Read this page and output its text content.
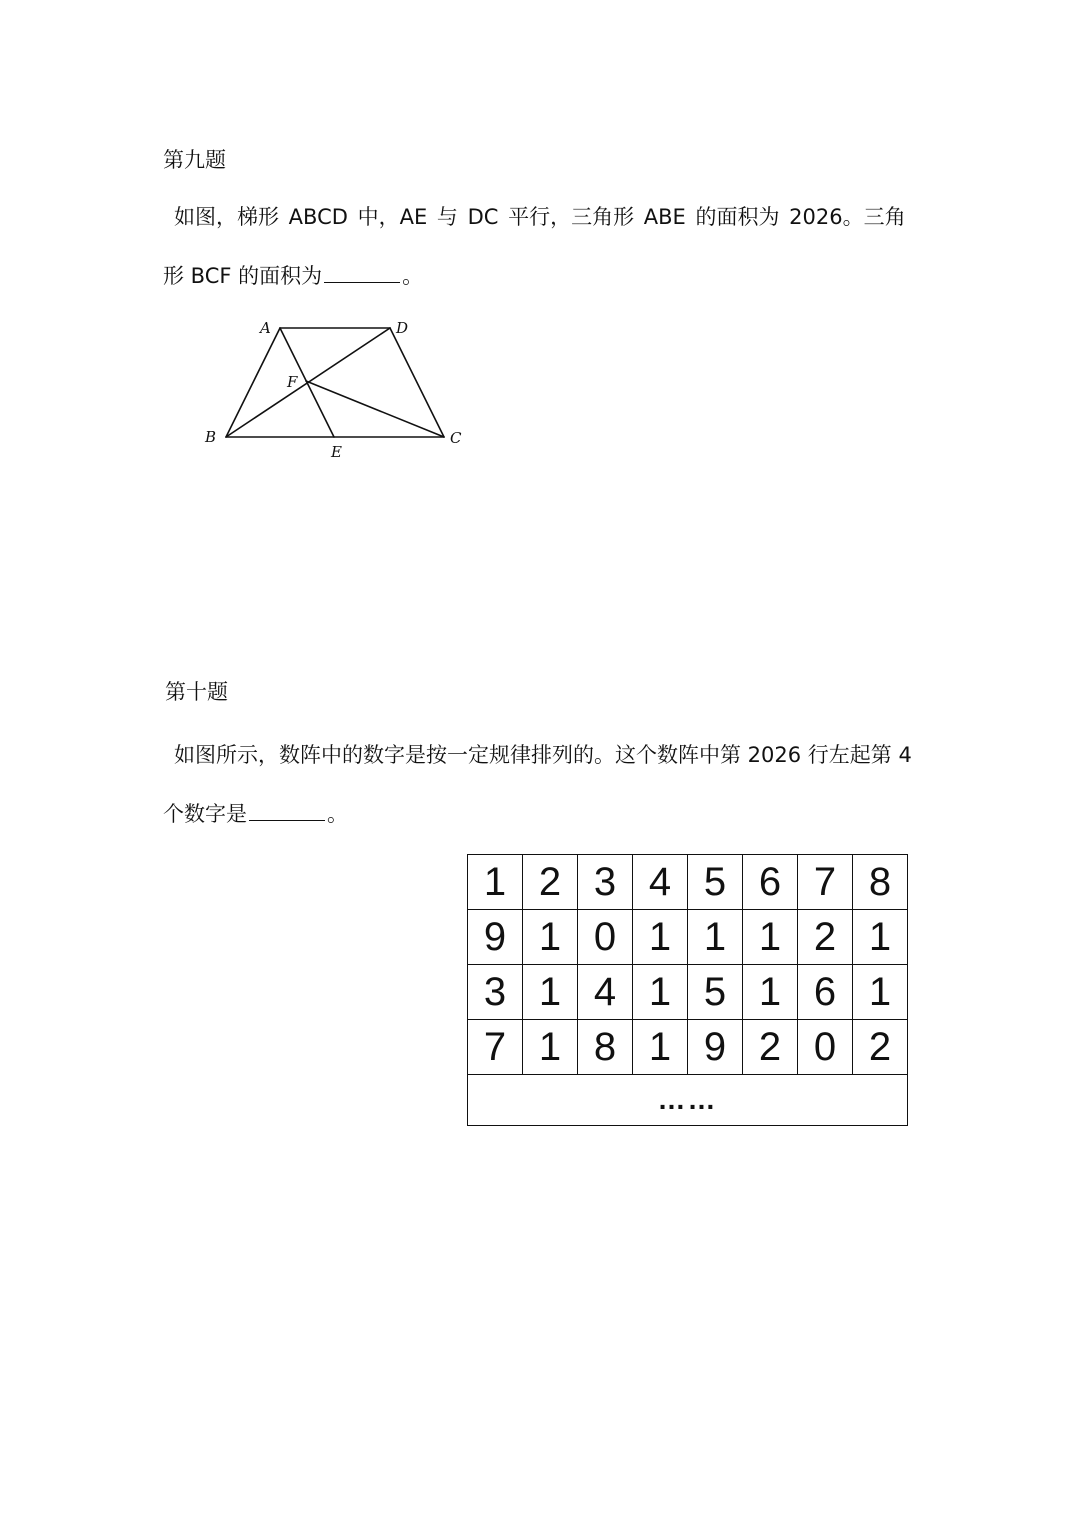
第九题
如图，梯形 ABCD 中，AE 与 DC 平行，三角形 ABE 的面积为 2026。三角
形 BCF 的面积为	。
A	D
F
B
E
C
第十题
如图所示，数阵中的数字是按一定规律排列的。这个数阵中第 2026 行左起第 4
个数字是	。
1	2	3	4	5	6	7	8
9	1	0	1	1	1	2	1
3	1	4	1	5	1	6	1
7	1	8	1	9	2	0	2
……							
